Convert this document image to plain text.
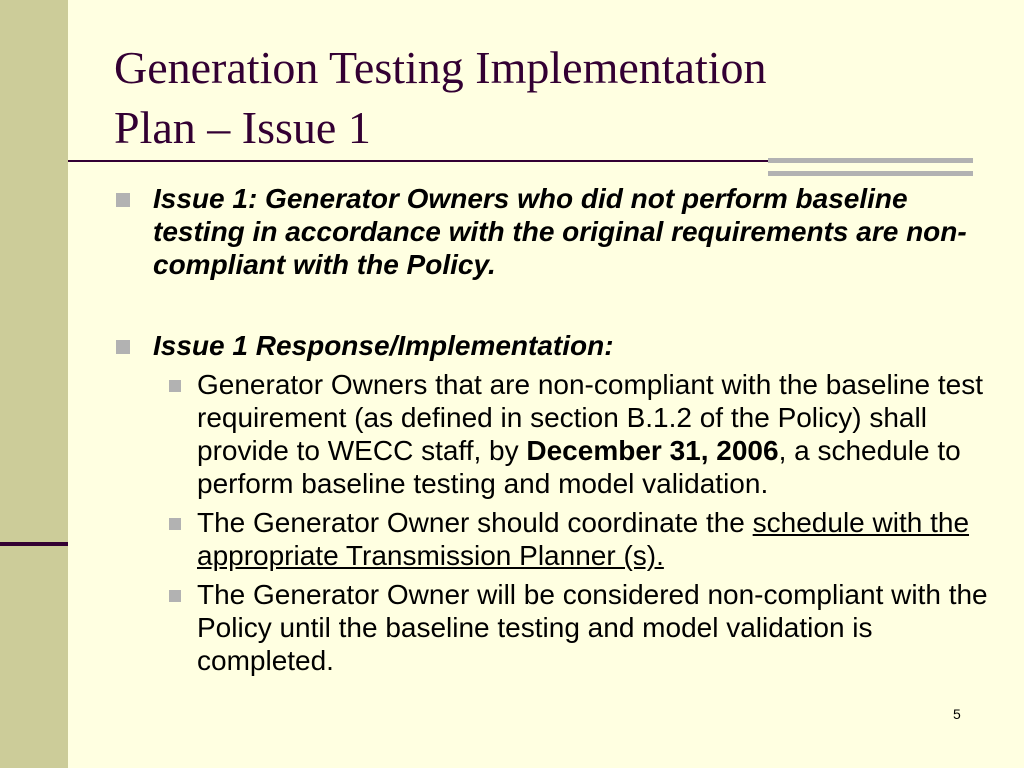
Generation Testing Implementation
Plan – Issue 1

Issue 1: Generator Owners who did not perform baseline testing in accordance with the original requirements are non-compliant with the Policy.

Issue 1 Response/Implementation:

Generator Owners that are non-compliant with the baseline test requirement (as defined in section B.1.2 of the Policy) shall provide to WECC staff, by December 31, 2006, a schedule to perform baseline testing and model validation.

The Generator Owner should coordinate the schedule with the appropriate Transmission Planner (s).

The Generator Owner will be considered non-compliant with the Policy until the baseline testing and model validation is completed.

5
